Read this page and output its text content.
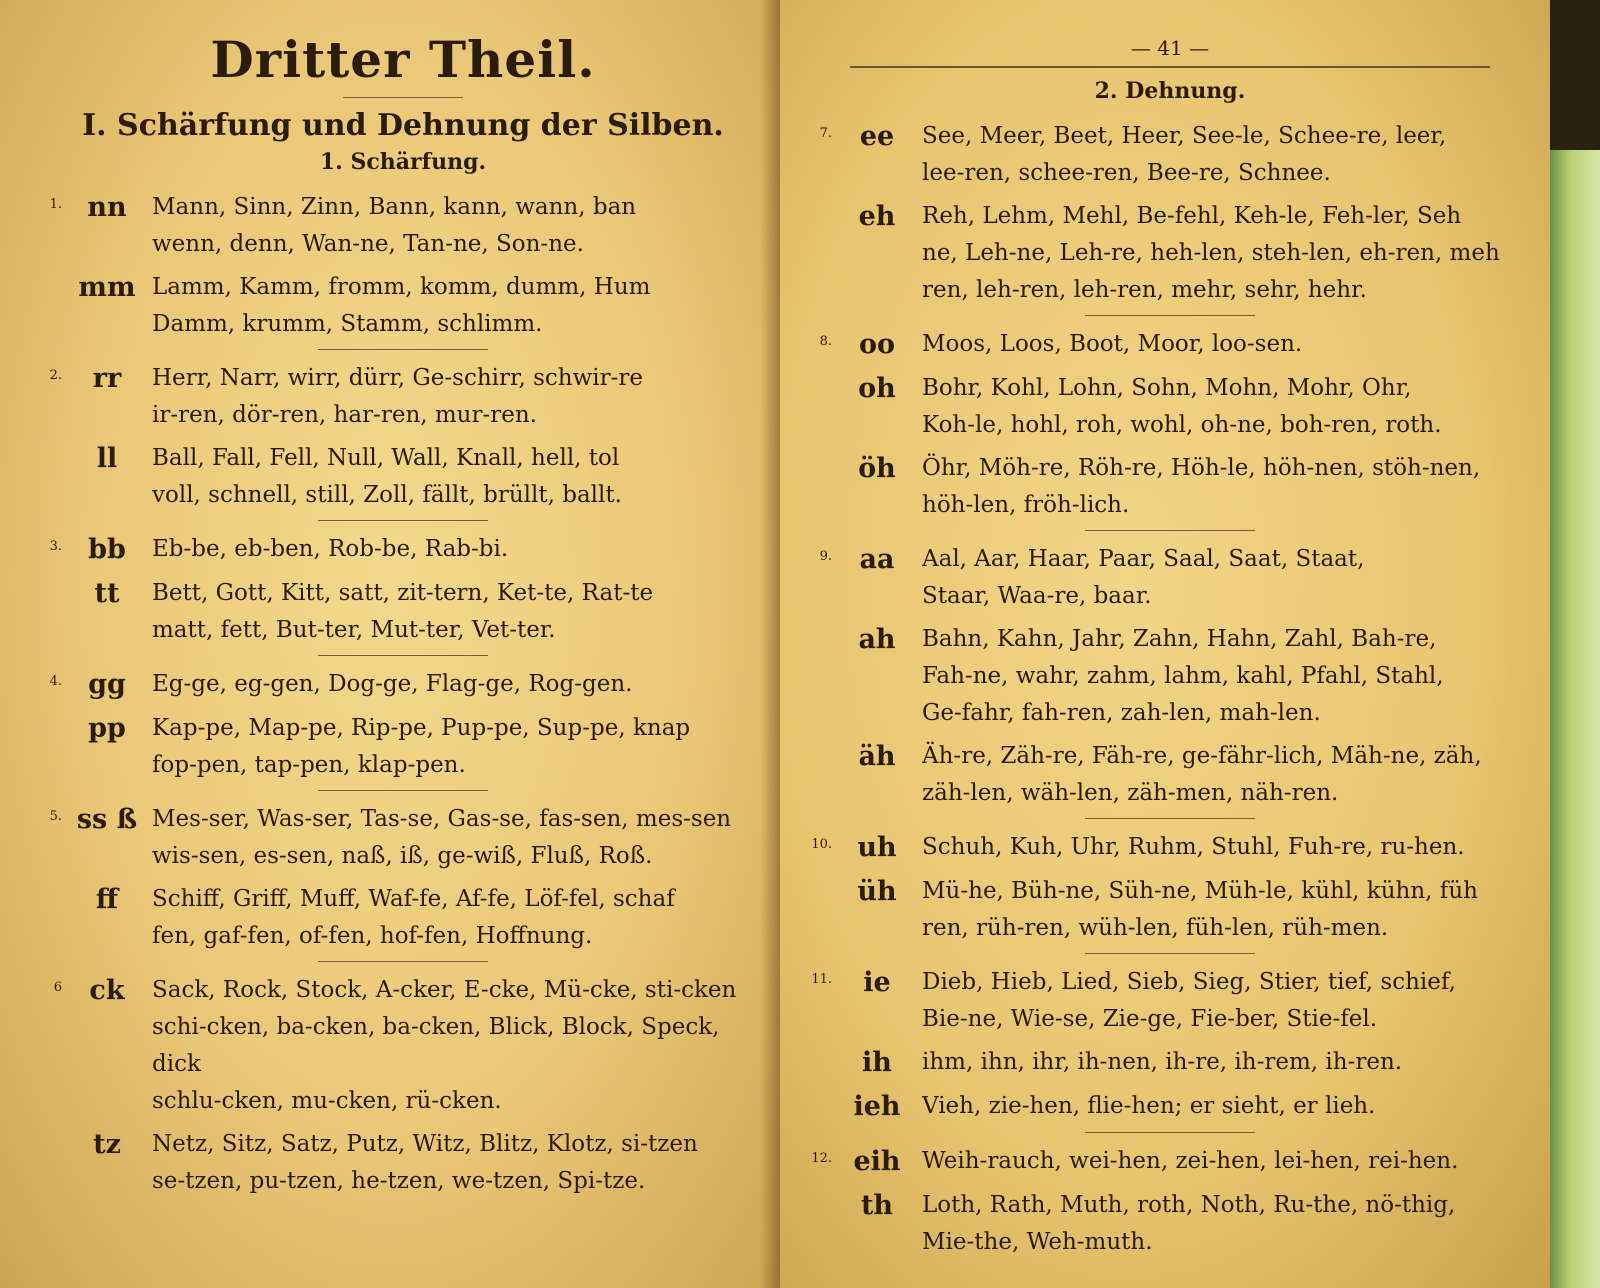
Dritter Theil.
I. Schärfung und Dehnung der Silben.
1. Schärfung.
1. nn	Mann, Sinn, Zinn, Bann, kann, wann, ban
wenn, denn, Wan-ne, Tan-ne, Son-ne.
mm Lamm, Kamm, fromm, komm, dumm, Hum
Damm, krumm, Stamm, schlimm.
2.	rr	Herr, Narr, wirr, dürr, Ge-schirr, schwir-re
ir-ren, dör-ren, har-ren, mur-ren.
ll	Ball, Fall, Fell, Null, Wall, Knall, hell, tol
voll, schnell, still, Zoll, fällt, brüllt, ballt.
3. bb	Eb-be, eb-ben, Rob-be, Rab-bi.
tt	Bett, Gott, Kitt, satt, zit-tern, Ket-te, Rat-te
matt, fett, But-ter, Mut-ter, Vet-ter.
4. gg	Eg-ge, eg-gen, Dog-ge, Flag-ge, Rog-gen.
pp	Kap-pe, Map-pe, Rip-pe, Pup-pe, Sup-pe, knap
fop-pen, tap-pen, klap-pen.
5. ss ß Mes-ser, Was-ser, Tas-se, Gas-se, fas-sen, mes-sen
wis-sen, es-sen, naß, iß, ge-wiß, Fluß, Roß.
ff	Schiff, Griff, Muff, Waf-fe, Af-fe, Löf-fel, schaf
fen, gaf-fen, of-fen, hof-fen, Hoffnung.
6	ck	Sack, Rock, Stock, A-cker, E-cke, Mü-cke, sti-cken
schi-cken, ba-cken, ba-cken, Blick, Block, Speck, dick
schlu-cken, mu-cken, rü-cken.
tz	Netz, Sitz, Satz, Putz, Witz, Blitz, Klotz, si-tzen
se-tzen, pu-tzen, he-tzen, we-tzen, Spi-tze.
— 41 —
2. Dehnung.
7.	ee	See, Meer, Beet, Heer, See-le, Schee-re, leer,
lee-ren, schee-ren, Bee-re, Schnee.
eh	Reh, Lehm, Mehl, Be-fehl, Keh-le, Feh-ler, Seh
ne, Leh-ne, Leh-re, heh-len, steh-len, eh-ren, meh
ren, leh-ren, leh-ren, mehr, sehr, hehr.
8. oo	Moos, Loos, Boot, Moor, loo-sen.
oh	Bohr, Kohl, Lohn, Sohn, Mohn, Mohr, Ohr,
Koh-le, hohl, roh, wohl, oh-ne, boh-ren, roth.
öh	Öhr, Möh-re, Röh-re, Höh-le, höh-nen, stöh-nen,
höh-len, fröh-lich.
9.	aa	Aal, Aar, Haar, Paar, Saal, Saat, Staat,
Staar, Waa-re, baar.
ah	Bahn, Kahn, Jahr, Zahn, Hahn, Zahl, Bah-re,
Fah-ne, wahr, zahm, lahm, kahl, Pfahl, Stahl,
Ge-fahr, fah-ren, zah-len, mah-len.
äh	Äh-re, Zäh-re, Fäh-re, ge-fähr-lich, Mäh-ne, zäh,
zäh-len, wäh-len, zäh-men, näh-ren.
10. uh	Schuh, Kuh, Uhr, Ruhm, Stuhl, Fuh-re, ru-hen.
üh	Mü-he, Büh-ne, Süh-ne, Müh-le, kühl, kühn, füh
ren, rüh-ren, wüh-len, füh-len, rüh-men.
11.	ie	Dieb, Hieb, Lied, Sieb, Sieg, Stier, tief, schief,
Bie-ne, Wie-se, Zie-ge, Fie-ber, Stie-fel.
ih	ihm, ihn, ihr, ih-nen, ih-re, ih-rem, ih-ren.
ieh Vieh, zie-hen, flie-hen; er sieht, er lieh.
12. eih Weih-rauch, wei-hen, zei-hen, lei-hen, rei-hen.
th	Loth, Rath, Muth, roth, Noth, Ru-the, nö-thig,
Mie-the, Weh-muth.
